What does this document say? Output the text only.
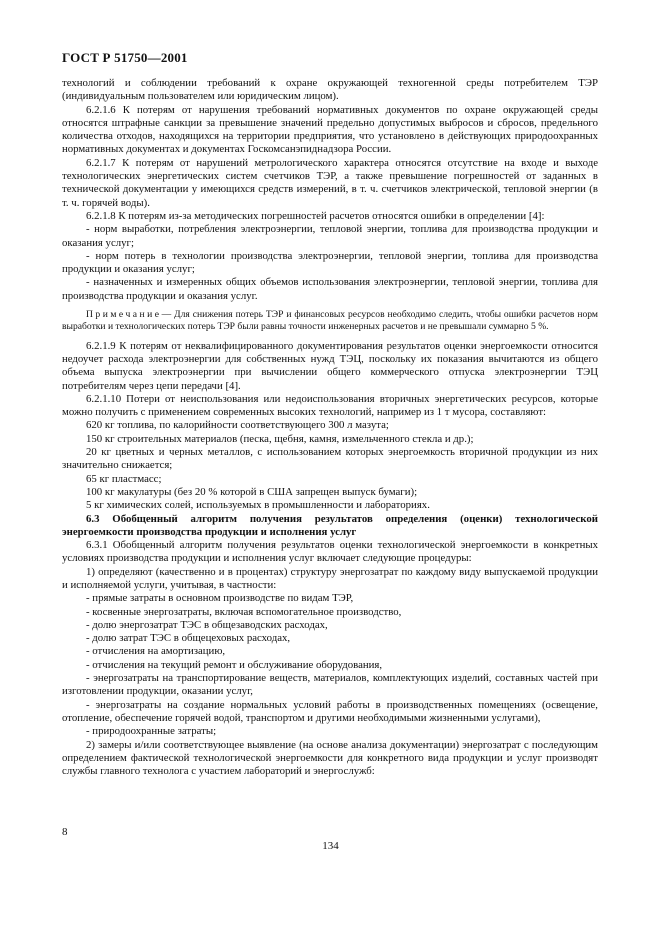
ГОСТ Р 51750—2001

технологий и соблюдении требований к охране окружающей техногенной среды потребителем ТЭР (индивидуальным пользователем или юридическим лицом).

6.2.1.6 К потерям от нарушения требований нормативных документов по охране окружающей среды относятся штрафные санкции за превышение значений предельно допустимых выбросов и сбросов, предельного количества отходов, находящихся на территории предприятия, что установлено в действующих природоохранных нормативных документах и документах Госкомсанэпиднадзора России.

6.2.1.7 К потерям от нарушений метрологического характера относятся отсутствие на входе и выходе технологических энергетических систем счетчиков ТЭР, а также превышение погрешностей от заданных в технической документации у имеющихся средств измерений, в т. ч. счетчиков электрической, тепловой энергии (в т. ч. горячей воды).

6.2.1.8 К потерям из-за методических погрешностей расчетов относятся ошибки в определении [4]:

- норм выработки, потребления электроэнергии, тепловой энергии, топлива для производства продукции и оказания услуг;

- норм потерь в технологии производства электроэнергии, тепловой энергии, топлива для производства продукции и оказания услуг;

- назначенных и измеренных общих объемов использования электроэнергии, тепловой энергии, топлива для производства продукции и оказания услуг.

Примечание— Для снижения потерь ТЭР и финансовых ресурсов необходимо следить, чтобы ошибки расчетов норм выработки и технологических потерь ТЭР были равны точности инженерных расчетов и не превышали суммарно 5 %.

6.2.1.9 К потерям от неквалифицированного документирования результатов оценки энергоемкости относится недоучет расхода электроэнергии для собственных нужд ТЭЦ, поскольку их показания вычитаются из общего объема выпуска электроэнергии при вычислении общего коммерческого отпуска электроэнергии ТЭЦ потребителям через цепи передачи [4].

6.2.1.10 Потери от неиспользования или недоиспользования вторичных энергетических ресурсов, которые можно получить с применением современных высоких технологий, например из 1 т мусора, составляют:

620 кг топлива, по калорийности соответствующего 300 л мазута;

150 кг строительных материалов (песка, щебня, камня, измельченного стекла и др.);

20 кг цветных и черных металлов, с использованием которых энергоемкость вторичной продукции из них значительно снижается;

65 кг пластмасс;

100 кг макулатуры (без 20 % которой в США запрещен выпуск бумаги);

5 кг химических солей, используемых в промышленности и лабораториях.

6.3 Обобщенный алгоритм получения результатов определения (оценки) технологической энергоемкости производства продукции и исполнения услуг

6.3.1 Обобщенный алгоритм получения результатов оценки технологической энергоемкости в конкретных условиях производства продукции и исполнения услуг включает следующие процедуры:

1) определяют (качественно и в процентах) структуру энергозатрат по каждому виду выпускаемой продукции и исполняемой услуги, учитывая, в частности:

- прямые затраты в основном производстве по видам ТЭР,

- косвенные энергозатраты, включая вспомогательное производство,

- долю энергозатрат ТЭС в общезаводских расходах,

- долю затрат ТЭС в общецеховых расходах,

- отчисления на амортизацию,

- отчисления на текущий ремонт и обслуживание оборудования,

- энергозатраты на транспортирование веществ, материалов, комплектующих изделий, составных частей при изготовлении продукции, оказании услуг,

- энергозатраты на создание нормальных условий работы в производственных помещениях (освещение, отопление, обеспечение горячей водой, транспортом и другими необходимыми жизненными услугами),

- природоохранные затраты;

2) замеры и/или соответствующее выявление (на основе анализа документации) энергозатрат с последующим определением фактической технологической энергоемкости для конкретного вида продукции и услуг производят службы главного технолога с участием лабораторий и энергослужб:

8
134
